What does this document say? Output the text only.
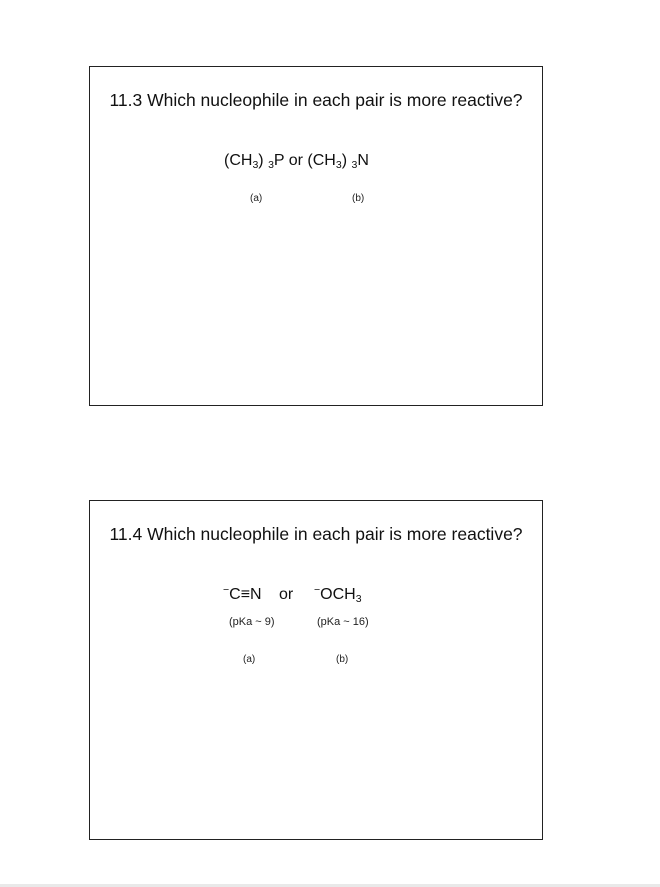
11.3 Which nucleophile in each pair is more reactive?
$(CH_3)$ $_3$P or $(CH_3)$ $_3$N
(a)	(b)
11.4 Which nucleophile in each pair is more reactive?
−C≡N or $^-OCH_3$
(pKa ~ 9)	(pKa ~ 16)
(a)	(b)
